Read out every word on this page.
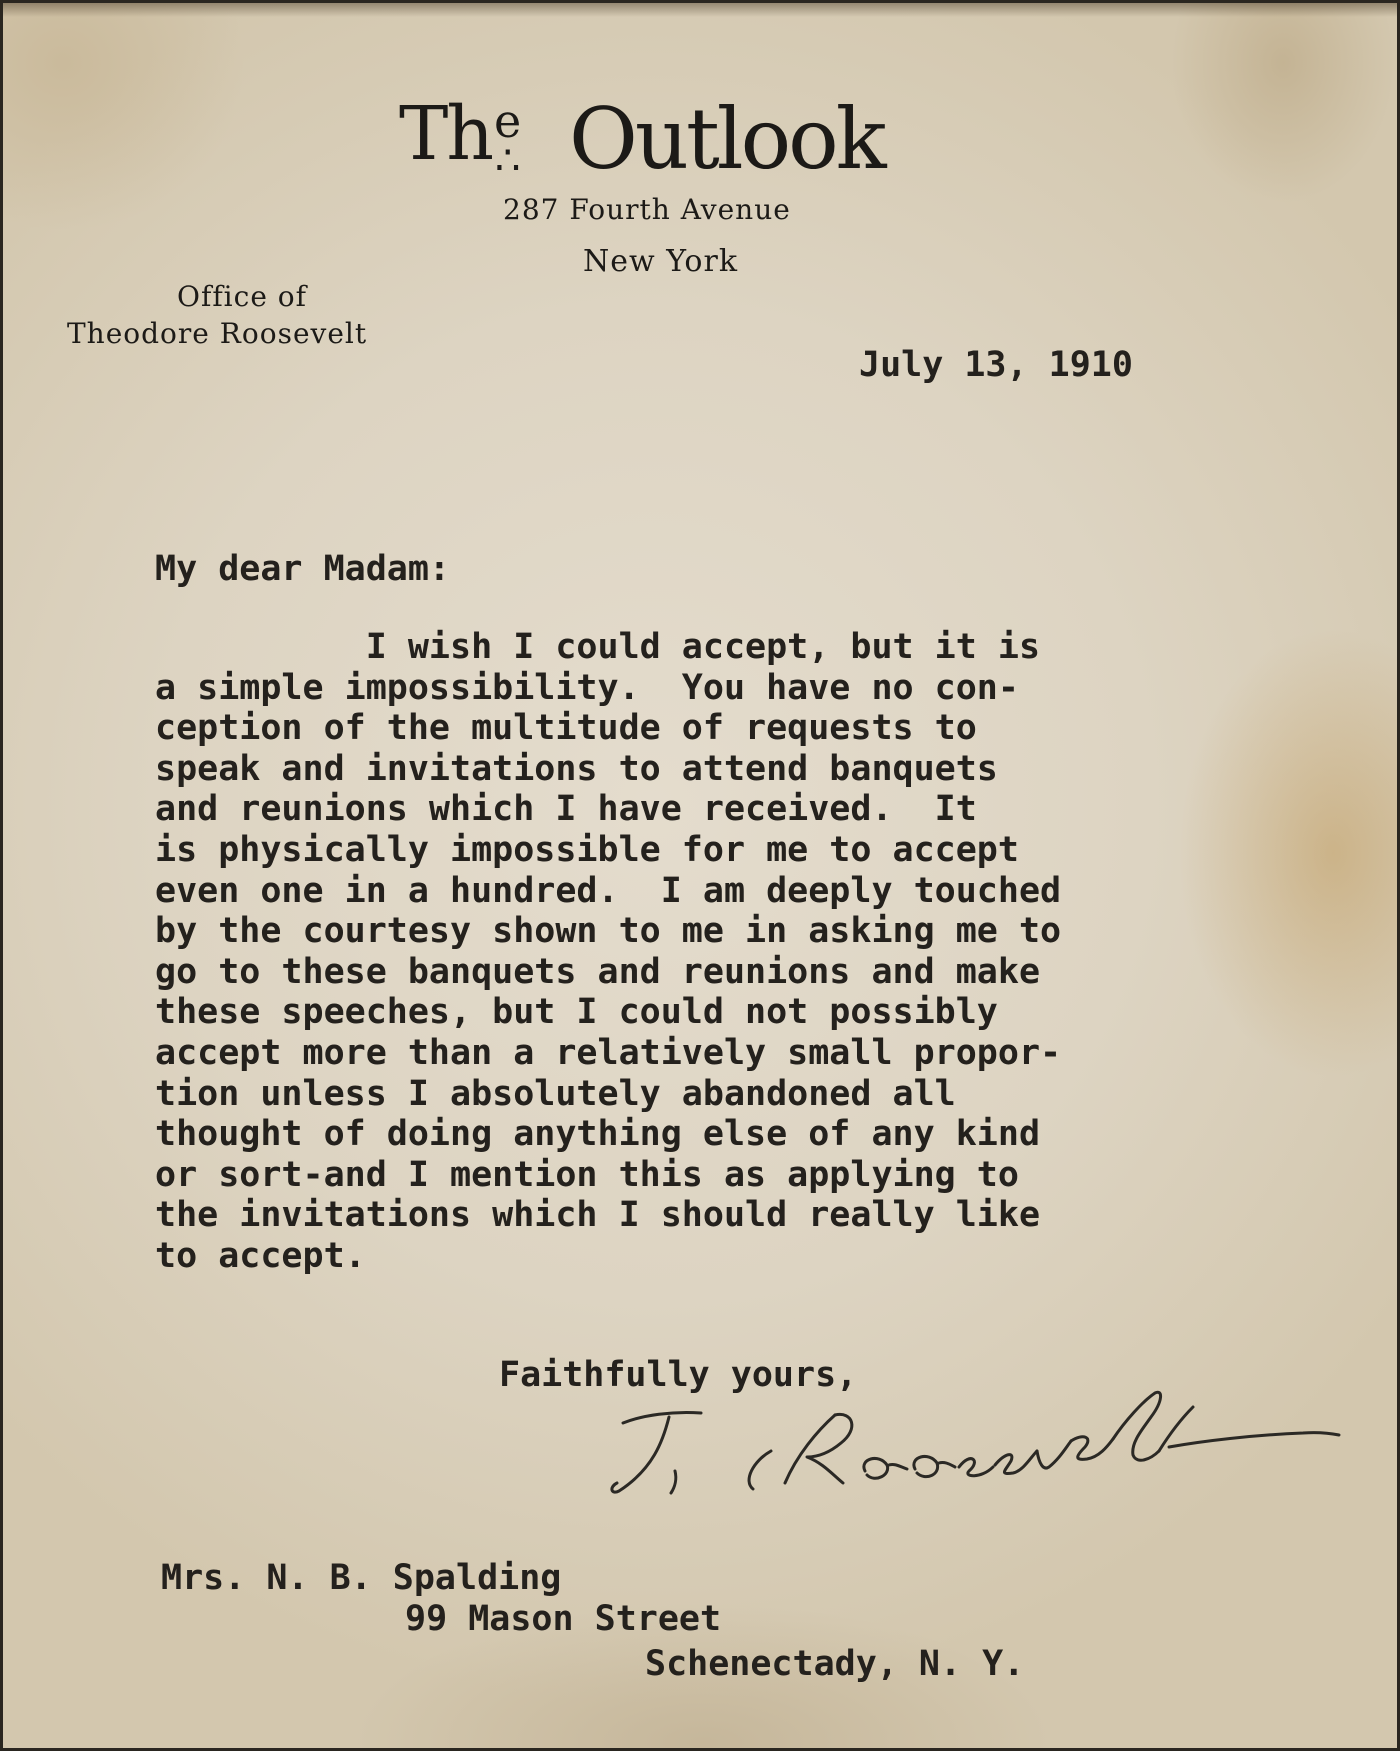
Th$^e$
∴ Outlook
287 Fourth Avenue
New York
Office of
Theodore Roosevelt
July 13, 1910
My dear Madam:
I wish I could accept, but it is
a simple impossibility.  You have no con-
ception of the multitude of requests to
speak and invitations to attend banquets
and reunions which I have received.  It
is physically impossible for me to accept
even one in a hundred.  I am deeply touched
by the courtesy shown to me in asking me to
go to these banquets and reunions and make
these speeches, but I could not possibly
accept more than a relatively small propor-
tion unless I absolutely abandoned all
thought of doing anything else of any kind
or sort-and I mention this as applying to
the invitations which I should really like
to accept.
Faithfully yours,
Mrs. N. B. Spalding
99 Mason Street
Schenectady, N. Y.
